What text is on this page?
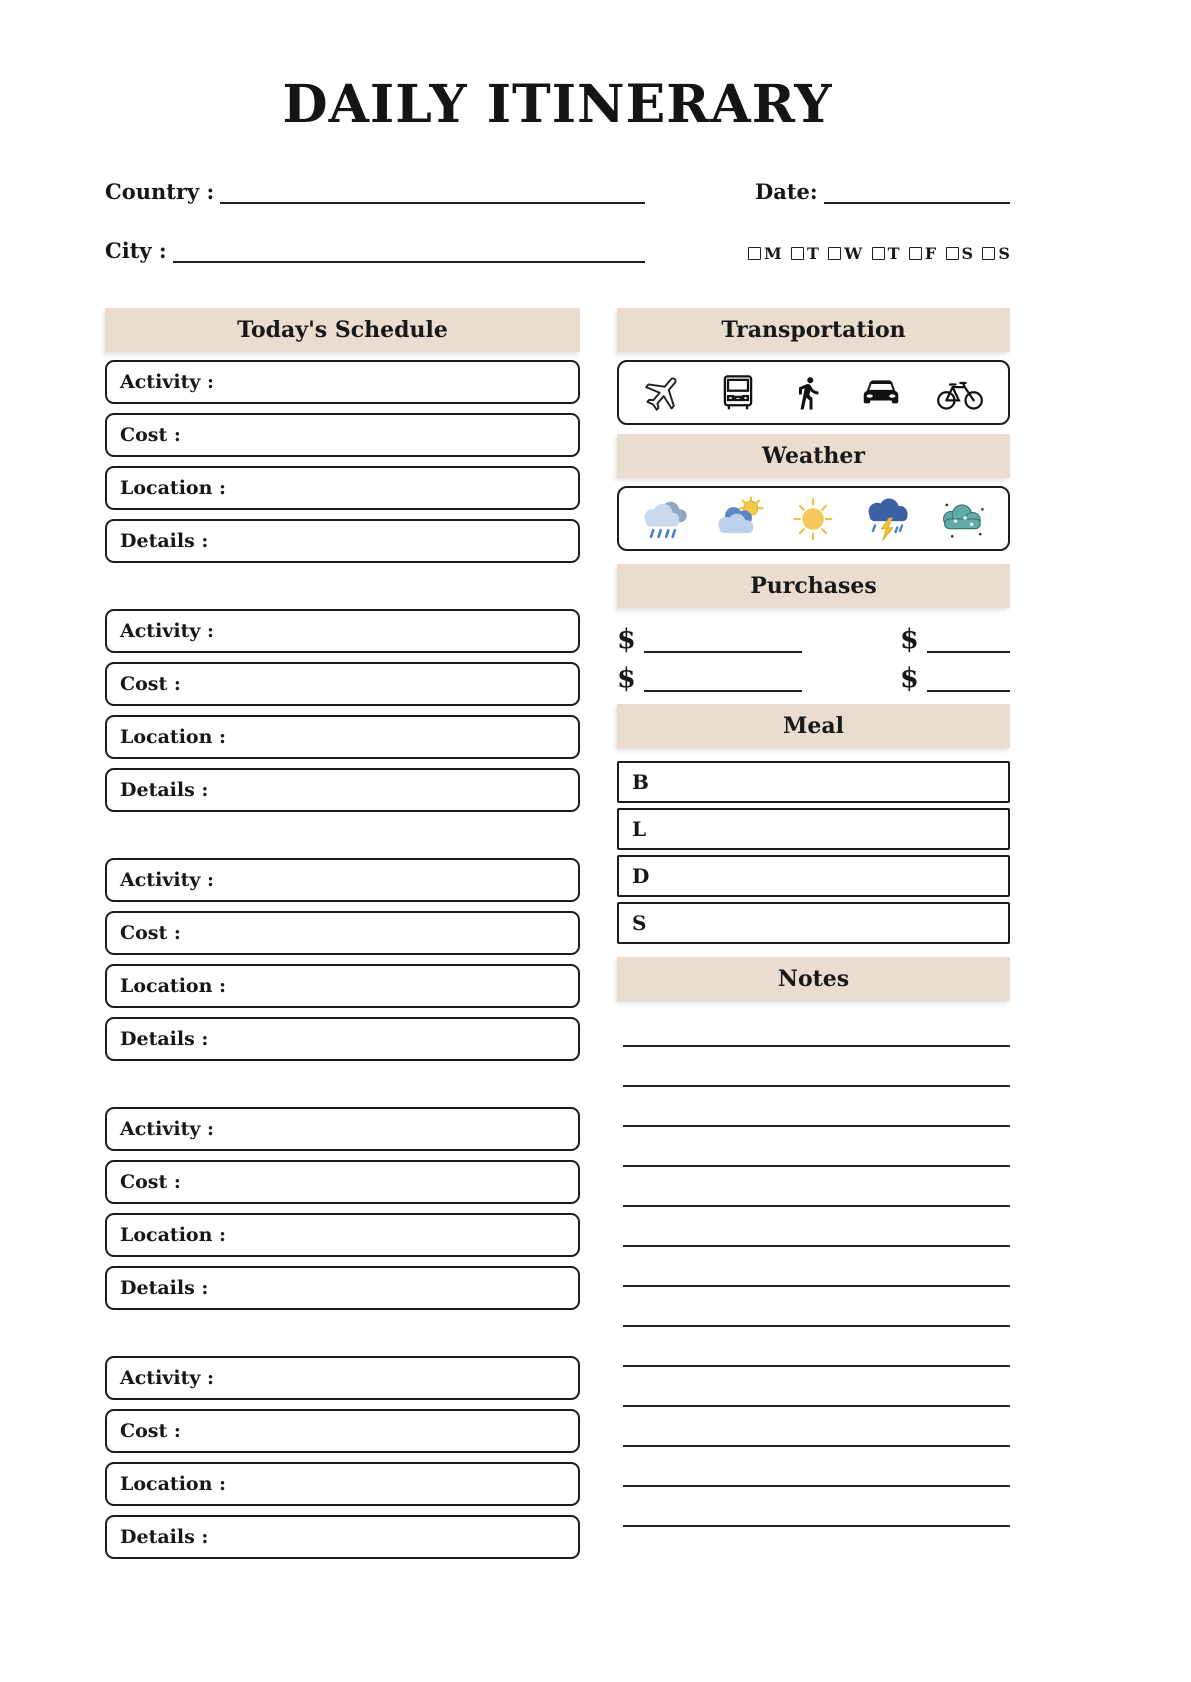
DAILY ITINERARY
Country :	Date:
City :	M T W T F S S
Today's Schedule
Activity :
Cost :
Location :
Details :
Activity :
Cost :
Location :
Details :
Activity :
Cost :
Location :
Details :
Activity :
Cost :
Location :
Details :
Activity :
Cost :
Location :
Details :
Transportation
Weather
Purchases
$	$
$	$
Meal
B
L
D
S
Notes
